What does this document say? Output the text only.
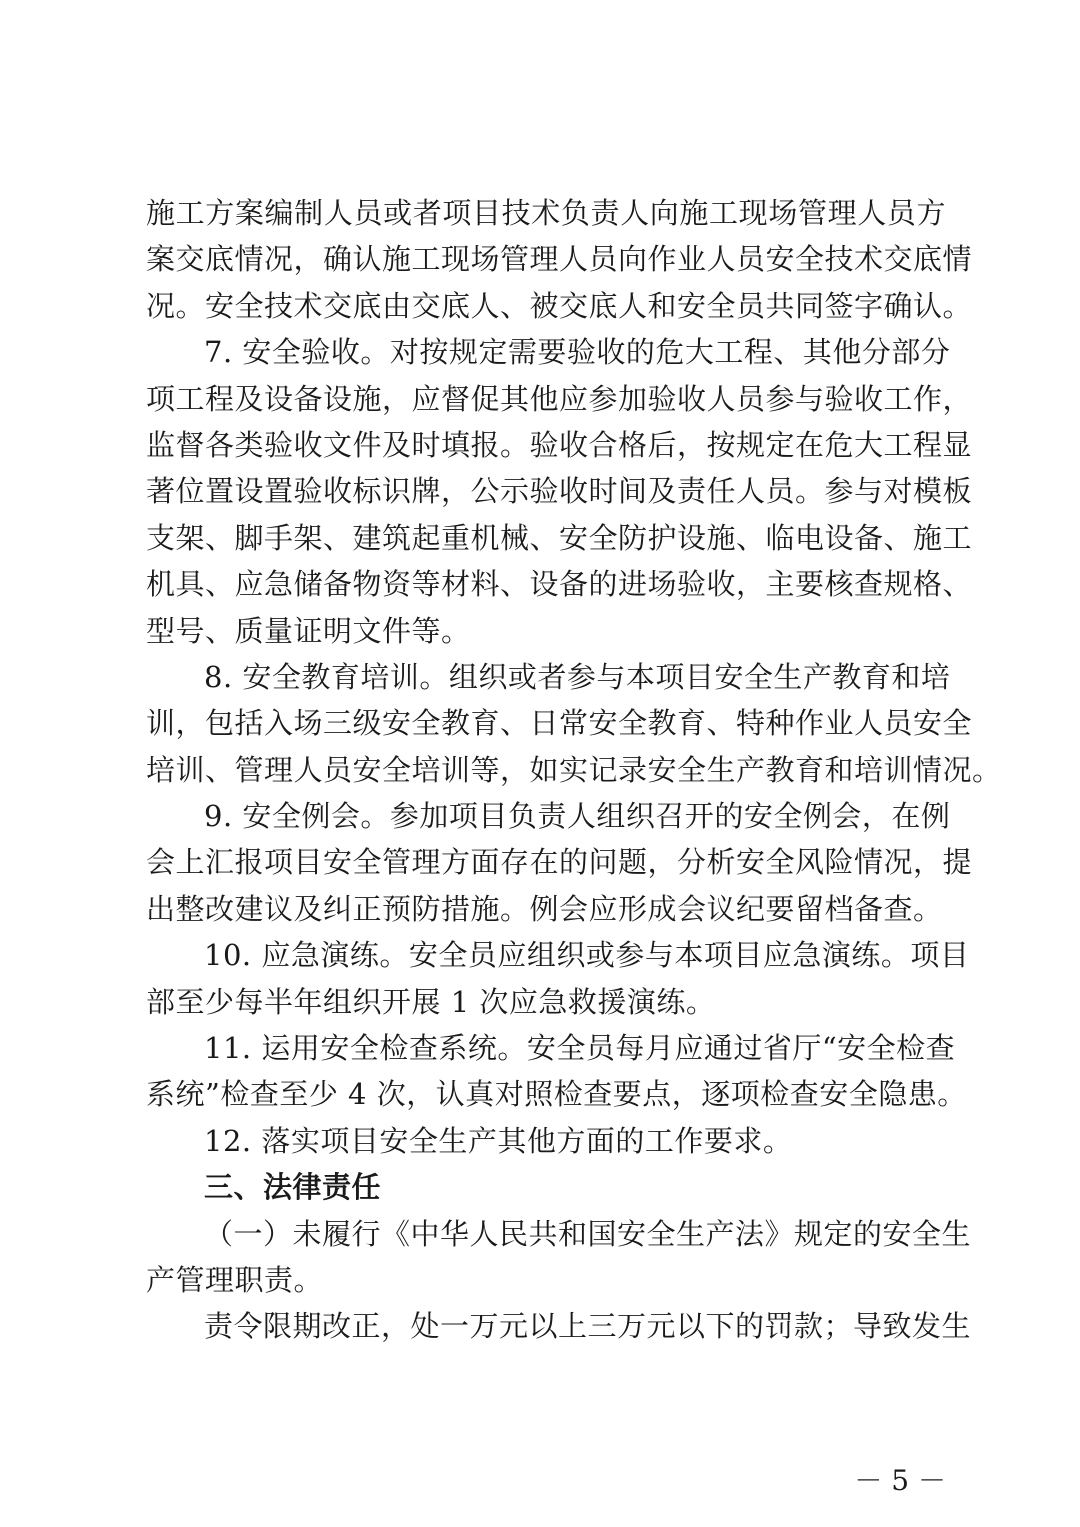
施工方案编制人员或者项目技术负责人向施工现场管理人员方
案交底情况，确认施工现场管理人员向作业人员安全技术交底情
况。安全技术交底由交底人、被交底人和安全员共同签字确认。
7. 安全验收。对按规定需要验收的危大工程、其他分部分
项工程及设备设施，应督促其他应参加验收人员参与验收工作，
监督各类验收文件及时填报。验收合格后，按规定在危大工程显
著位置设置验收标识牌，公示验收时间及责任人员。参与对模板
支架、脚手架、建筑起重机械、安全防护设施、临电设备、施工
机具、应急储备物资等材料、设备的进场验收，主要核查规格、
型号、质量证明文件等。
8. 安全教育培训。组织或者参与本项目安全生产教育和培
训，包括入场三级安全教育、日常安全教育、特种作业人员安全
培训、管理人员安全培训等，如实记录安全生产教育和培训情况。
9. 安全例会。参加项目负责人组织召开的安全例会，在例
会上汇报项目安全管理方面存在的问题，分析安全风险情况，提
出整改建议及纠正预防措施。例会应形成会议纪要留档备查。
10. 应急演练。安全员应组织或参与本项目应急演练。项目
部至少每半年组织开展 1 次应急救援演练。
11. 运用安全检查系统。安全员每月应通过省厅“安全检查
系统”检查至少 4 次，认真对照检查要点，逐项检查安全隐患。
12. 落实项目安全生产其他方面的工作要求。
三、法律责任
（一）未履行《中华人民共和国安全生产法》规定的安全生
产管理职责。
责令限期改正，处一万元以上三万元以下的罚款；导致发生
－ 5 －
